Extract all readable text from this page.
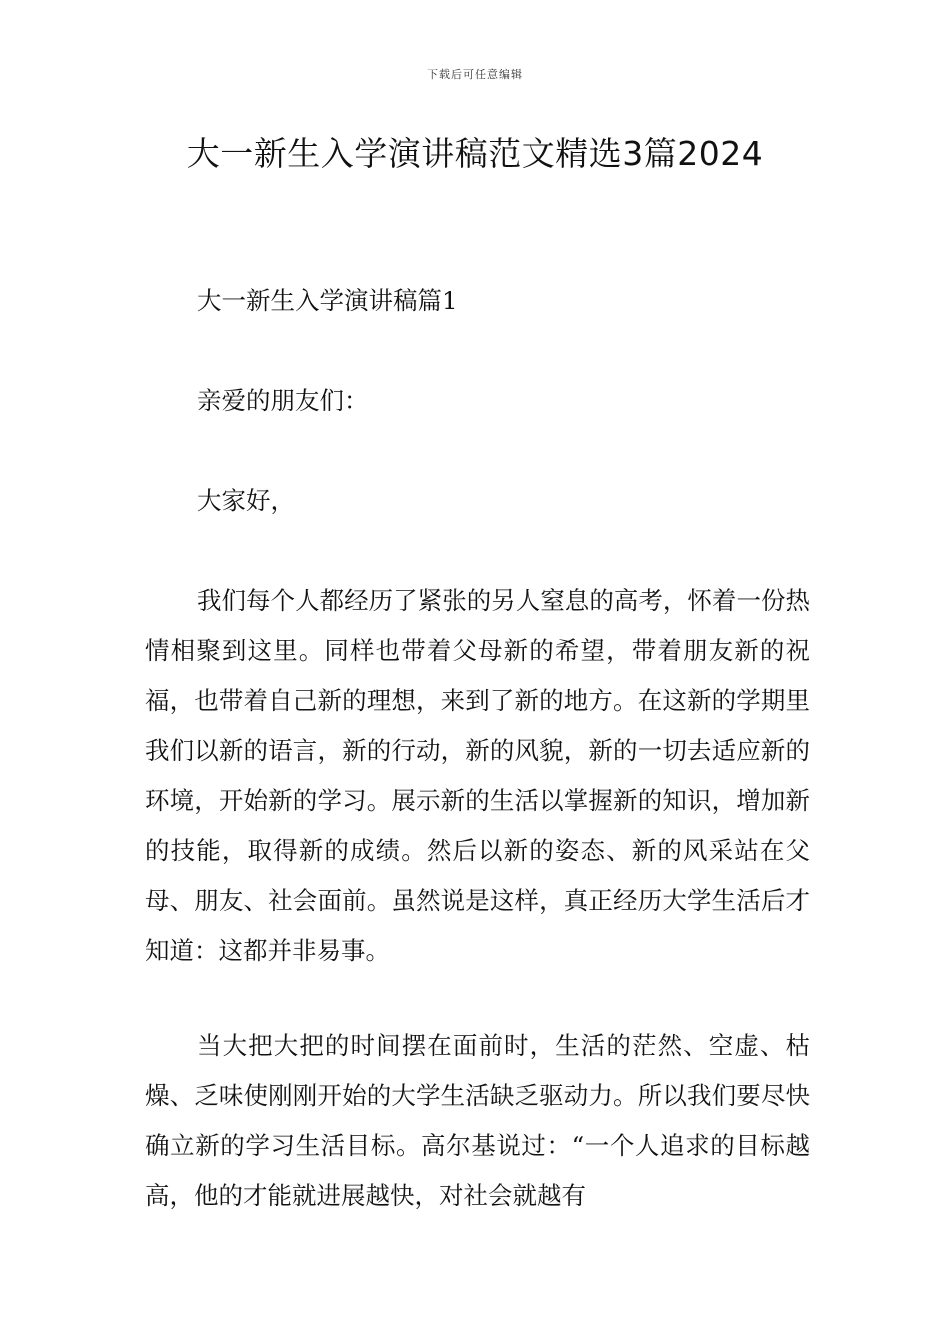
下载后可任意编辑
大一新生入学演讲稿范文精选3篇2024

大一新生入学演讲稿篇1

亲爱的朋友们：

大家好，

我们每个人都经历了紧张的另人窒息的高考，怀着一份热情相聚到这里。同样也带着父母新的希望，带着朋友新的祝福，也带着自己新的理想，来到了新的地方。在这新的学期里我们以新的语言，新的行动，新的风貌，新的一切去适应新的环境，开始新的学习。展示新的生活以掌握新的知识，增加新的技能，取得新的成绩。然后以新的姿态、新的风采站在父母、朋友、社会面前。虽然说是这样，真正经历大学生活后才知道：这都并非易事。

当大把大把的时间摆在面前时，生活的茫然、空虚、枯燥、乏味使刚刚开始的大学生活缺乏驱动力。所以我们要尽快确立新的学习生活目标。高尔基说过：“一个人追求的目标越高，他的才能就进展越快，对社会就越有
